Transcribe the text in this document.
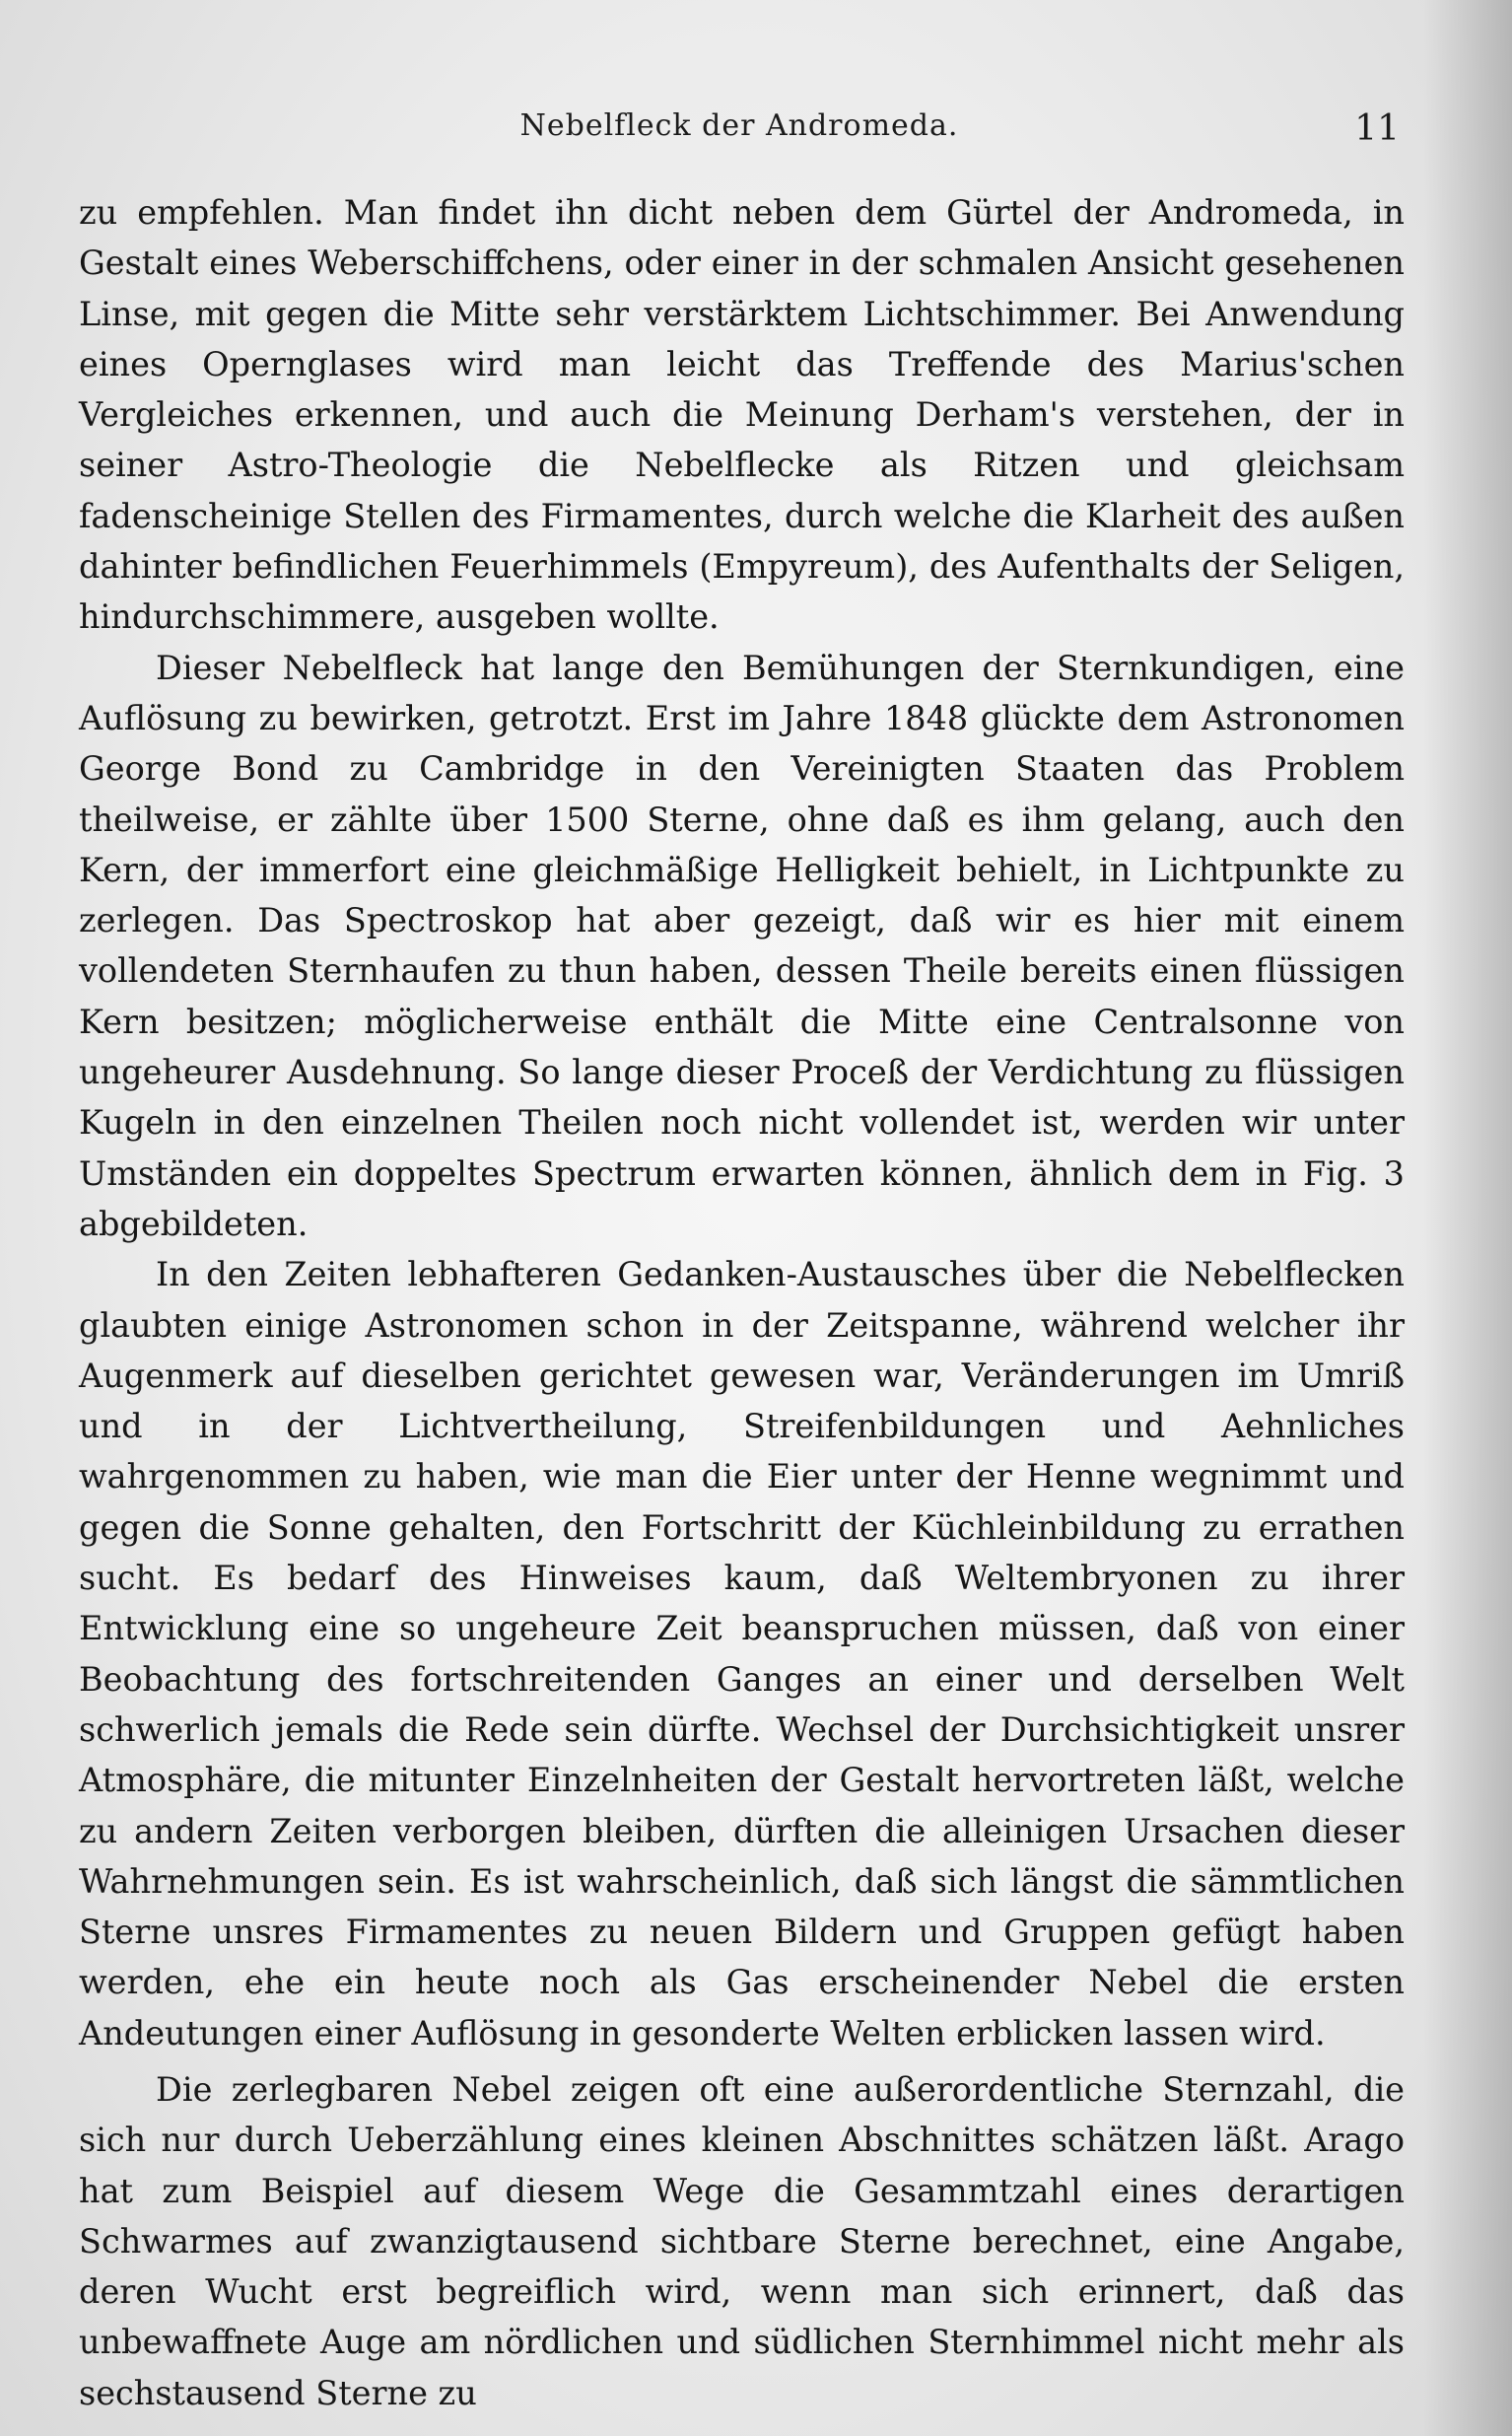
Nebelfleck der Andromeda.	11

zu empfehlen. Man findet ihn dicht neben dem Gürtel der Andromeda, in Gestalt eines Weberschiffchens, oder einer in der schmalen Ansicht gesehenen Linse, mit gegen die Mitte sehr verstärktem Lichtschimmer. Bei Anwendung eines Opernglases wird man leicht das Treffende des Marius'schen Vergleiches erkennen, und auch die Meinung Derham's verstehen, der in seiner Astro-Theologie die Nebelflecke als Ritzen und gleichsam fadenscheinige Stellen des Firmamentes, durch welche die Klarheit des außen dahinter befindlichen Feuerhimmels (Empyreum), des Aufenthalts der Seligen, hindurchschimmere, ausgeben wollte.

Dieser Nebelfleck hat lange den Bemühungen der Sternkundigen, eine Auflösung zu bewirken, getrotzt. Erst im Jahre 1848 glückte dem Astronomen George Bond zu Cambridge in den Vereinigten Staaten das Problem theilweise, er zählte über 1500 Sterne, ohne daß es ihm gelang, auch den Kern, der immerfort eine gleichmäßige Helligkeit behielt, in Lichtpunkte zu zerlegen. Das Spectroskop hat aber gezeigt, daß wir es hier mit einem vollendeten Sternhaufen zu thun haben, dessen Theile bereits einen flüssigen Kern besitzen; möglicherweise enthält die Mitte eine Centralsonne von ungeheurer Ausdehnung. So lange dieser Proceß der Verdichtung zu flüssigen Kugeln in den einzelnen Theilen noch nicht vollendet ist, werden wir unter Umständen ein doppeltes Spectrum erwarten können, ähnlich dem in Fig. 3 abgebildeten.

In den Zeiten lebhafteren Gedanken-Austausches über die Nebelflecken glaubten einige Astronomen schon in der Zeitspanne, während welcher ihr Augenmerk auf dieselben gerichtet gewesen war, Veränderungen im Umriß und in der Lichtvertheilung, Streifenbildungen und Aehnliches wahrgenommen zu haben, wie man die Eier unter der Henne wegnimmt und gegen die Sonne gehalten, den Fortschritt der Küchleinbildung zu errathen sucht. Es bedarf des Hinweises kaum, daß Weltembryonen zu ihrer Entwicklung eine so ungeheure Zeit beanspruchen müssen, daß von einer Beobachtung des fortschreitenden Ganges an einer und derselben Welt schwerlich jemals die Rede sein dürfte. Wechsel der Durchsichtigkeit unsrer Atmosphäre, die mitunter Einzelnheiten der Gestalt hervortreten läßt, welche zu andern Zeiten verborgen bleiben, dürften die alleinigen Ursachen dieser Wahrnehmungen sein. Es ist wahrscheinlich, daß sich längst die sämmtlichen Sterne unsres Firmamentes zu neuen Bildern und Gruppen gefügt haben werden, ehe ein heute noch als Gas erscheinender Nebel die ersten Andeutungen einer Auflösung in gesonderte Welten erblicken lassen wird.

Die zerlegbaren Nebel zeigen oft eine außerordentliche Sternzahl, die sich nur durch Ueberzählung eines kleinen Abschnittes schätzen läßt. Arago hat zum Beispiel auf diesem Wege die Gesammtzahl eines derartigen Schwarmes auf zwanzigtausend sichtbare Sterne berechnet, eine Angabe, deren Wucht erst begreiflich wird, wenn man sich erinnert, daß das unbewaffnete Auge am nördlichen und südlichen Sternhimmel nicht mehr als sechstausend Sterne zu
